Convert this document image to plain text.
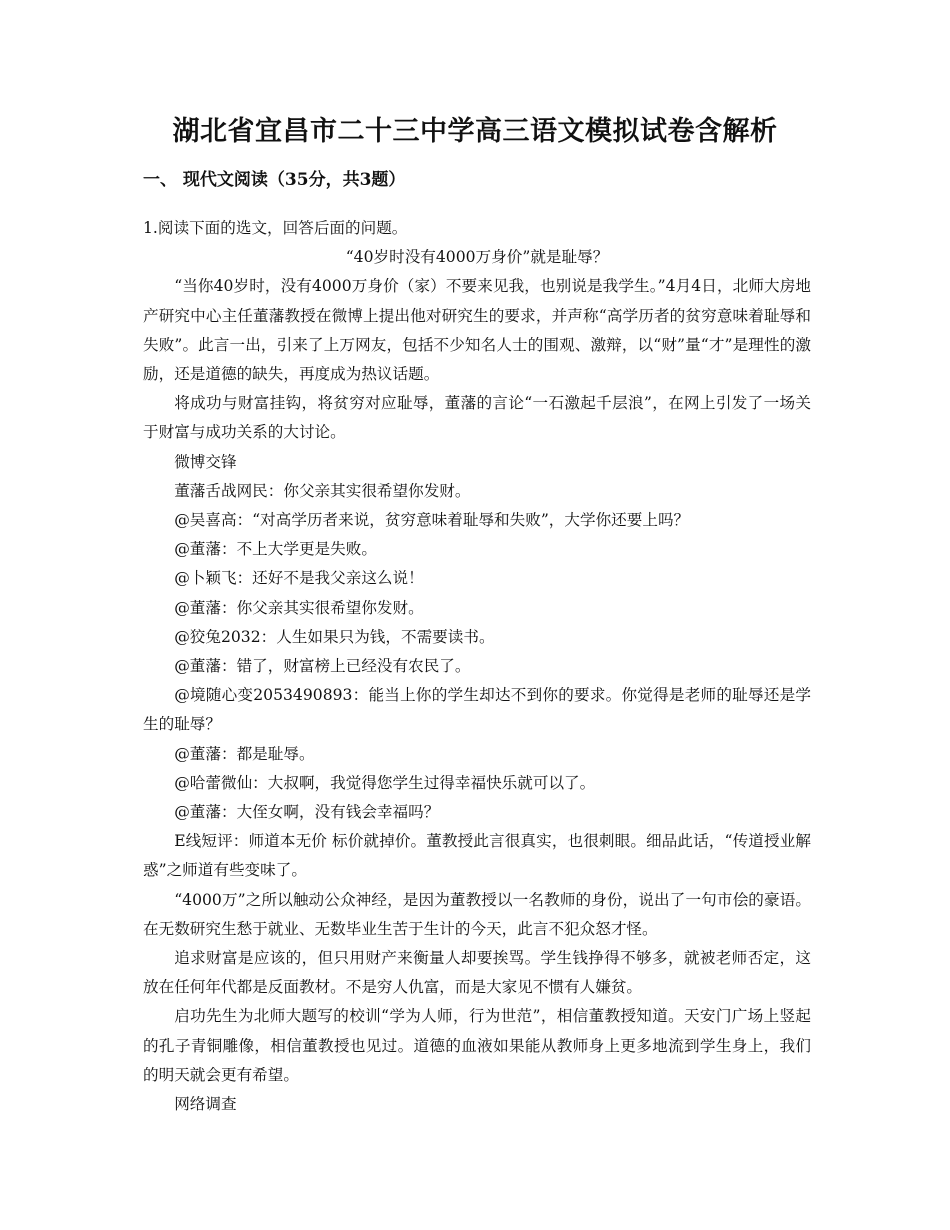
湖北省宜昌市二十三中学高三语文模拟试卷含解析
一、 现代文阅读（35分，共3题）

1.阅读下面的选文，回答后面的问题。

“40岁时没有4000万身价”就是耻辱？

“当你40岁时，没有4000万身价（家）不要来见我，也别说是我学生。”4月4日，北师大房地产研究中心主任董藩教授在微博上提出他对研究生的要求，并声称“高学历者的贫穷意味着耻辱和失败”。此言一出，引来了上万网友，包括不少知名人士的围观、激辩，以“财”量“才”是理性的激励，还是道德的缺失，再度成为热议话题。

将成功与财富挂钩，将贫穷对应耻辱，董藩的言论“一石激起千层浪”，在网上引发了一场关于财富与成功关系的大讨论。

微博交锋

董藩舌战网民：你父亲其实很希望你发财。

@吴喜高：“对高学历者来说，贫穷意味着耻辱和失败”，大学你还要上吗？

@董藩：不上大学更是失败。

@卜颖飞：还好不是我父亲这么说！

@董藩：你父亲其实很希望你发财。

@狡兔2032：人生如果只为钱，不需要读书。

@董藩：错了，财富榜上已经没有农民了。

@境随心变2053490893：能当上你的学生却达不到你的要求。你觉得是老师的耻辱还是学生的耻辱？

@董藩：都是耻辱。

@哈蕾微仙：大叔啊，我觉得您学生过得幸福快乐就可以了。

@董藩：大侄女啊，没有钱会幸福吗？

E线短评：师道本无价 标价就掉价。董教授此言很真实，也很刺眼。细品此话，“传道授业解惑”之师道有些变味了。

“4000万”之所以触动公众神经，是因为董教授以一名教师的身份，说出了一句市侩的豪语。在无数研究生愁于就业、无数毕业生苦于生计的今天，此言不犯众怒才怪。

追求财富是应该的，但只用财产来衡量人却要挨骂。学生钱挣得不够多，就被老师否定，这放在任何年代都是反面教材。不是穷人仇富，而是大家见不惯有人嫌贫。

启功先生为北师大题写的校训“学为人师，行为世范”，相信董教授知道。天安门广场上竖起的孔子青铜雕像，相信董教授也见过。道德的血液如果能从教师身上更多地流到学生身上，我们的明天就会更有希望。

网络调查
